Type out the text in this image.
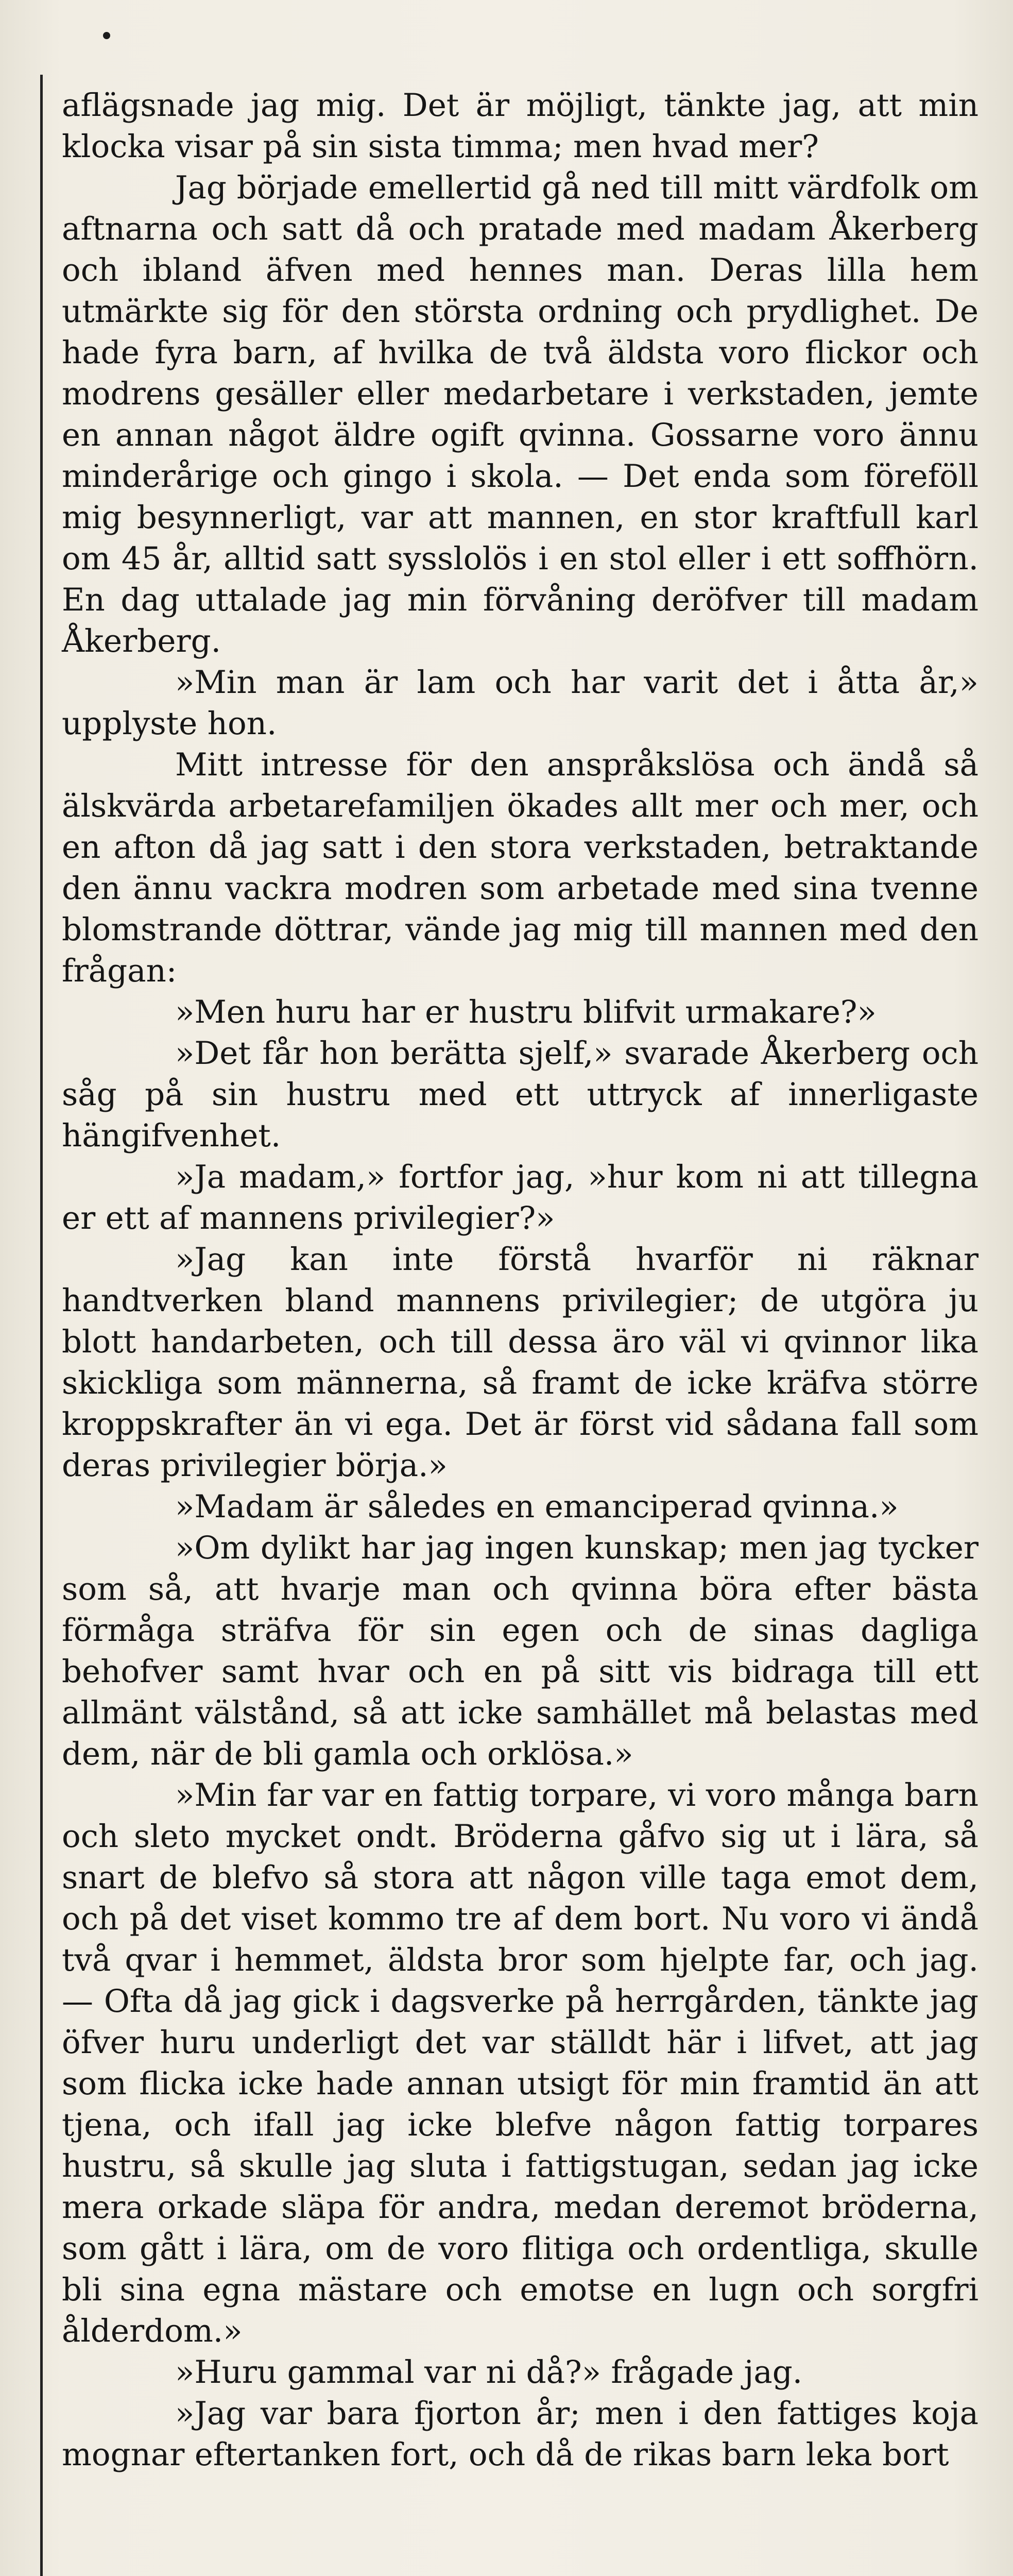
aflägsnade jag mig. Det är möjligt, tänkte jag, att min klocka visar på sin sista timma; men hvad mer?

Jag började emellertid gå ned till mitt värdfolk om aftnarna och satt då och pratade med madam Åkerberg och ibland äfven med hennes man. Deras lilla hem utmärkte sig för den största ordning och prydlighet. De hade fyra barn, af hvilka de två äldsta voro flickor och modrens gesäller eller medarbetare i verkstaden, jemte en annan något äldre ogift qvinna. Gossarne voro ännu minderårige och gingo i skola. — Det enda som föreföll mig besynnerligt, var att mannen, en stor kraftfull karl om 45 år, alltid satt sysslolös i en stol eller i ett soffhörn. En dag uttalade jag min förvåning deröfver till madam Åkerberg.

»Min man är lam och har varit det i åtta år,» upplyste hon.

Mitt intresse för den anspråkslösa och ändå så älskvärda arbetarefamiljen ökades allt mer och mer, och en afton då jag satt i den stora verkstaden, betraktande den ännu vackra modren som arbetade med sina tvenne blomstrande döttrar, vände jag mig till mannen med den frågan:

»Men huru har er hustru blifvit urmakare?»

»Det får hon berätta sjelf,» svarade Åkerberg och såg på sin hustru med ett uttryck af innerligaste hängifvenhet.

»Ja madam,» fortfor jag, »hur kom ni att tillegna er ett af mannens privilegier?»

»Jag kan inte förstå hvarför ni räknar handtverken bland mannens privilegier; de utgöra ju blott handarbeten, och till dessa äro väl vi qvinnor lika skickliga som männerna, så framt de icke kräfva större kroppskrafter än vi ega. Det är först vid sådana fall som deras privilegier börja.»

»Madam är således en emanciperad qvinna.»

»Om dylikt har jag ingen kunskap; men jag tycker som så, att hvarje man och qvinna böra efter bästa förmåga sträfva för sin egen och de sinas dagliga behofver samt hvar och en på sitt vis bidraga till ett allmänt välstånd, så att icke samhället må belastas med dem, när de bli gamla och orklösa.»

»Min far var en fattig torpare, vi voro många barn och sleto mycket ondt. Bröderna gåfvo sig ut i lära, så snart de blefvo så stora att någon ville taga emot dem, och på det viset kommo tre af dem bort. Nu voro vi ändå två qvar i hemmet, äldsta bror som hjelpte far, och jag. — Ofta då jag gick i dagsverke på herrgården, tänkte jag öfver huru underligt det var ställdt här i lifvet, att jag som flicka icke hade annan utsigt för min framtid än att tjena, och ifall jag icke blefve någon fattig torpares hustru, så skulle jag sluta i fattigstugan, sedan jag icke mera orkade släpa för andra, medan deremot bröderna, som gått i lära, om de voro flitiga och ordentliga, skulle bli sina egna mästare och emotse en lugn och sorgfri ålderdom.»

»Huru gammal var ni då?» frågade jag.

»Jag var bara fjorton år; men i den fattiges koja mognar eftertanken fort, och då de rikas barn leka bort
